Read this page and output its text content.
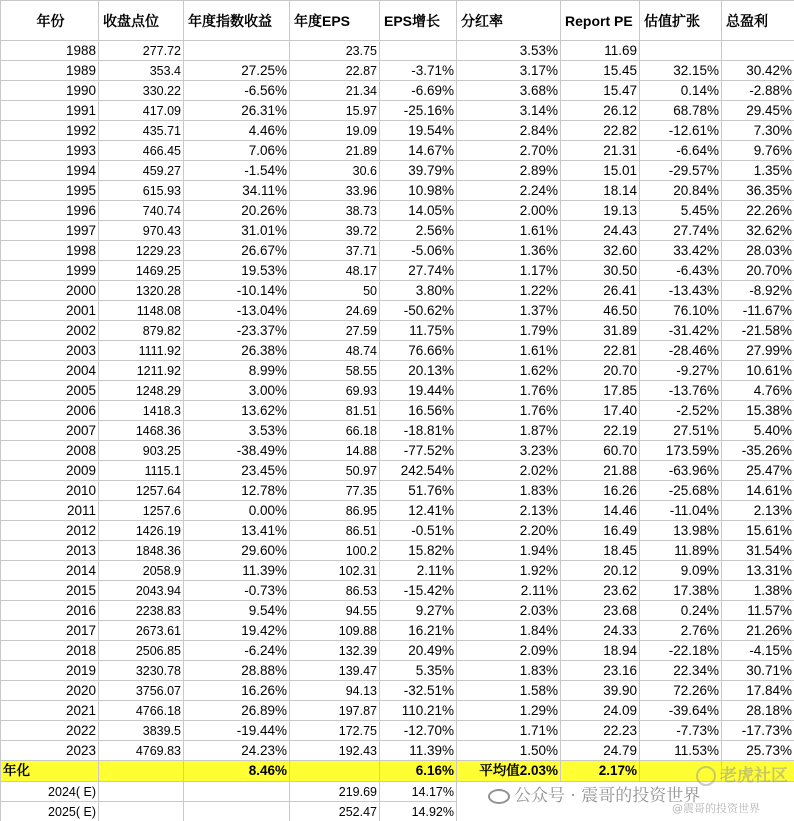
年份	收盘点位	年度指数收益	年度EPS	EPS增长	分红率	Report PE	估值扩张	总盈利
1988	277.72		23.75		3.53%	11.69		
1989	353.4	27.25%	22.87	-3.71%	3.17%	15.45	32.15%	30.42%
1990	330.22	-6.56%	21.34	-6.69%	3.68%	15.47	0.14%	-2.88%
1991	417.09	26.31%	15.97	-25.16%	3.14%	26.12	68.78%	29.45%
1992	435.71	4.46%	19.09	19.54%	2.84%	22.82	-12.61%	7.30%
1993	466.45	7.06%	21.89	14.67%	2.70%	21.31	-6.64%	9.76%
1994	459.27	-1.54%	30.6	39.79%	2.89%	15.01	-29.57%	1.35%
1995	615.93	34.11%	33.96	10.98%	2.24%	18.14	20.84%	36.35%
1996	740.74	20.26%	38.73	14.05%	2.00%	19.13	5.45%	22.26%
1997	970.43	31.01%	39.72	2.56%	1.61%	24.43	27.74%	32.62%
1998	1229.23	26.67%	37.71	-5.06%	1.36%	32.60	33.42%	28.03%
1999	1469.25	19.53%	48.17	27.74%	1.17%	30.50	-6.43%	20.70%
2000	1320.28	-10.14%	50	3.80%	1.22%	26.41	-13.43%	-8.92%
2001	1148.08	-13.04%	24.69	-50.62%	1.37%	46.50	76.10%	-11.67%
2002	879.82	-23.37%	27.59	11.75%	1.79%	31.89	-31.42%	-21.58%
2003	1111.92	26.38%	48.74	76.66%	1.61%	22.81	-28.46%	27.99%
2004	1211.92	8.99%	58.55	20.13%	1.62%	20.70	-9.27%	10.61%
2005	1248.29	3.00%	69.93	19.44%	1.76%	17.85	-13.76%	4.76%
2006	1418.3	13.62%	81.51	16.56%	1.76%	17.40	-2.52%	15.38%
2007	1468.36	3.53%	66.18	-18.81%	1.87%	22.19	27.51%	5.40%
2008	903.25	-38.49%	14.88	-77.52%	3.23%	60.70	173.59%	-35.26%
2009	1115.1	23.45%	50.97	242.54%	2.02%	21.88	-63.96%	25.47%
2010	1257.64	12.78%	77.35	51.76%	1.83%	16.26	-25.68%	14.61%
2011	1257.6	0.00%	86.95	12.41%	2.13%	14.46	-11.04%	2.13%
2012	1426.19	13.41%	86.51	-0.51%	2.20%	16.49	13.98%	15.61%
2013	1848.36	29.60%	100.2	15.82%	1.94%	18.45	11.89%	31.54%
2014	2058.9	11.39%	102.31	2.11%	1.92%	20.12	9.09%	13.31%
2015	2043.94	-0.73%	86.53	-15.42%	2.11%	23.62	17.38%	1.38%
2016	2238.83	9.54%	94.55	9.27%	2.03%	23.68	0.24%	11.57%
2017	2673.61	19.42%	109.88	16.21%	1.84%	24.33	2.76%	21.26%
2018	2506.85	-6.24%	132.39	20.49%	2.09%	18.94	-22.18%	-4.15%
2019	3230.78	28.88%	139.47	5.35%	1.83%	23.16	22.34%	30.71%
2020	3756.07	16.26%	94.13	-32.51%	1.58%	39.90	72.26%	17.84%
2021	4766.18	26.89%	197.87	110.21%	1.29%	24.09	-39.64%	28.18%
2022	3839.5	-19.44%	172.75	-12.70%	1.71%	22.23	-7.73%	-17.73%
2023	4769.83	24.23%	192.43	11.39%	1.50%	24.79	11.53%	25.73%
年化		8.46%		6.16%	平均值2.03%	2.17%		
2024( E)			219.69	14.17%				
2025( E)			252.47	14.92%				
老虎社区
公众号 · 震哥的投资世界
@震哥的投资世界
